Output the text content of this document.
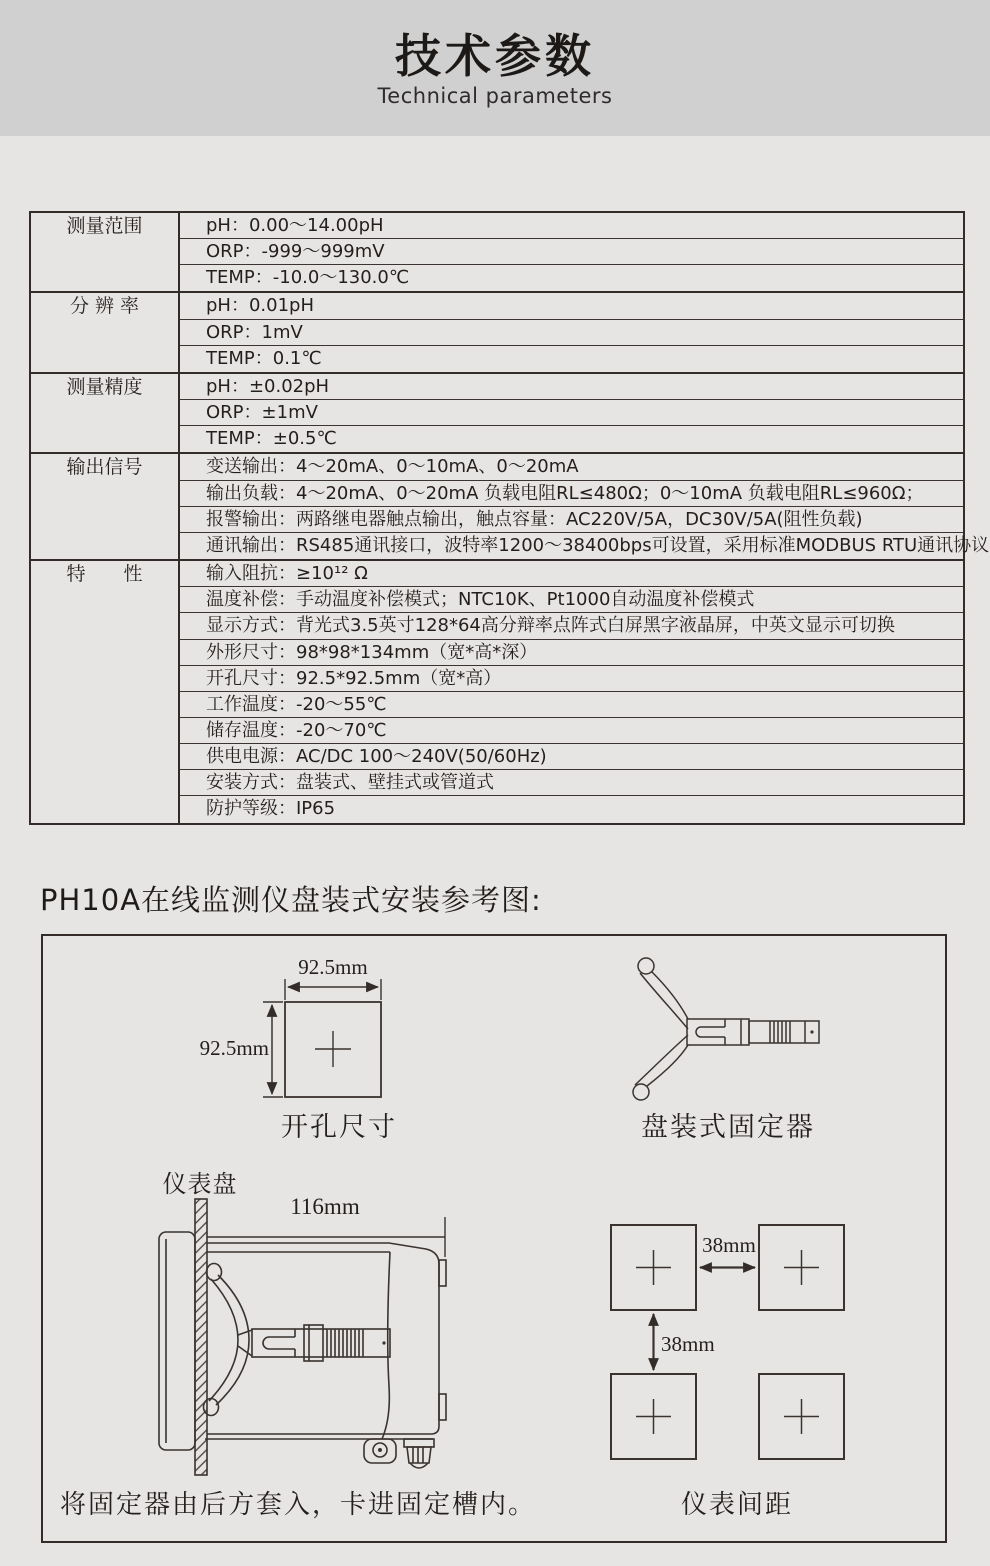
技术参数
Technical parameters
测量范围	pH：0.00～14.00pH
ORP：-999～999mV
TEMP：-10.0～130.0℃
分 辨 率	pH：0.01pH
ORP：1mV
TEMP：0.1℃
测量精度	pH：±0.02pH
ORP：±1mV
TEMP：±0.5℃
输出信号	变送输出：4～20mA、0～10mA、0～20mA
输出负载：4～20mA、0～20mA 负载电阻RL≤480Ω；0～10mA 负载电阻RL≤960Ω；
报警输出：两路继电器触点输出，触点容量：AC220V/5A，DC30V/5A(阻性负载)
通讯输出：RS485通讯接口，波特率1200～38400bps可设置，采用标准MODBUS RTU通讯协议
特　　性	输入阻抗：≥10¹² Ω
温度补偿：手动温度补偿模式；NTC10K、Pt1000自动温度补偿模式
显示方式：背光式3.5英寸128*64高分辩率点阵式白屏黑字液晶屏，中英文显示可切换
外形尺寸：98*98*134mm（宽*高*深）
开孔尺寸：92.5*92.5mm（宽*高）
工作温度：-20～55℃
储存温度：-20～70℃
供电电源：AC/DC 100～240V(50/60Hz)
安装方式：盘装式、壁挂式或管道式
防护等级：IP65
PH10A在线监测仪盘装式安装参考图:
92.5mm
92.5mm
开孔尺寸	盘装式固定器
仪表盘
116mm
将固定器由后方套入，卡进固定槽内。
38mm
38mm
仪表间距
